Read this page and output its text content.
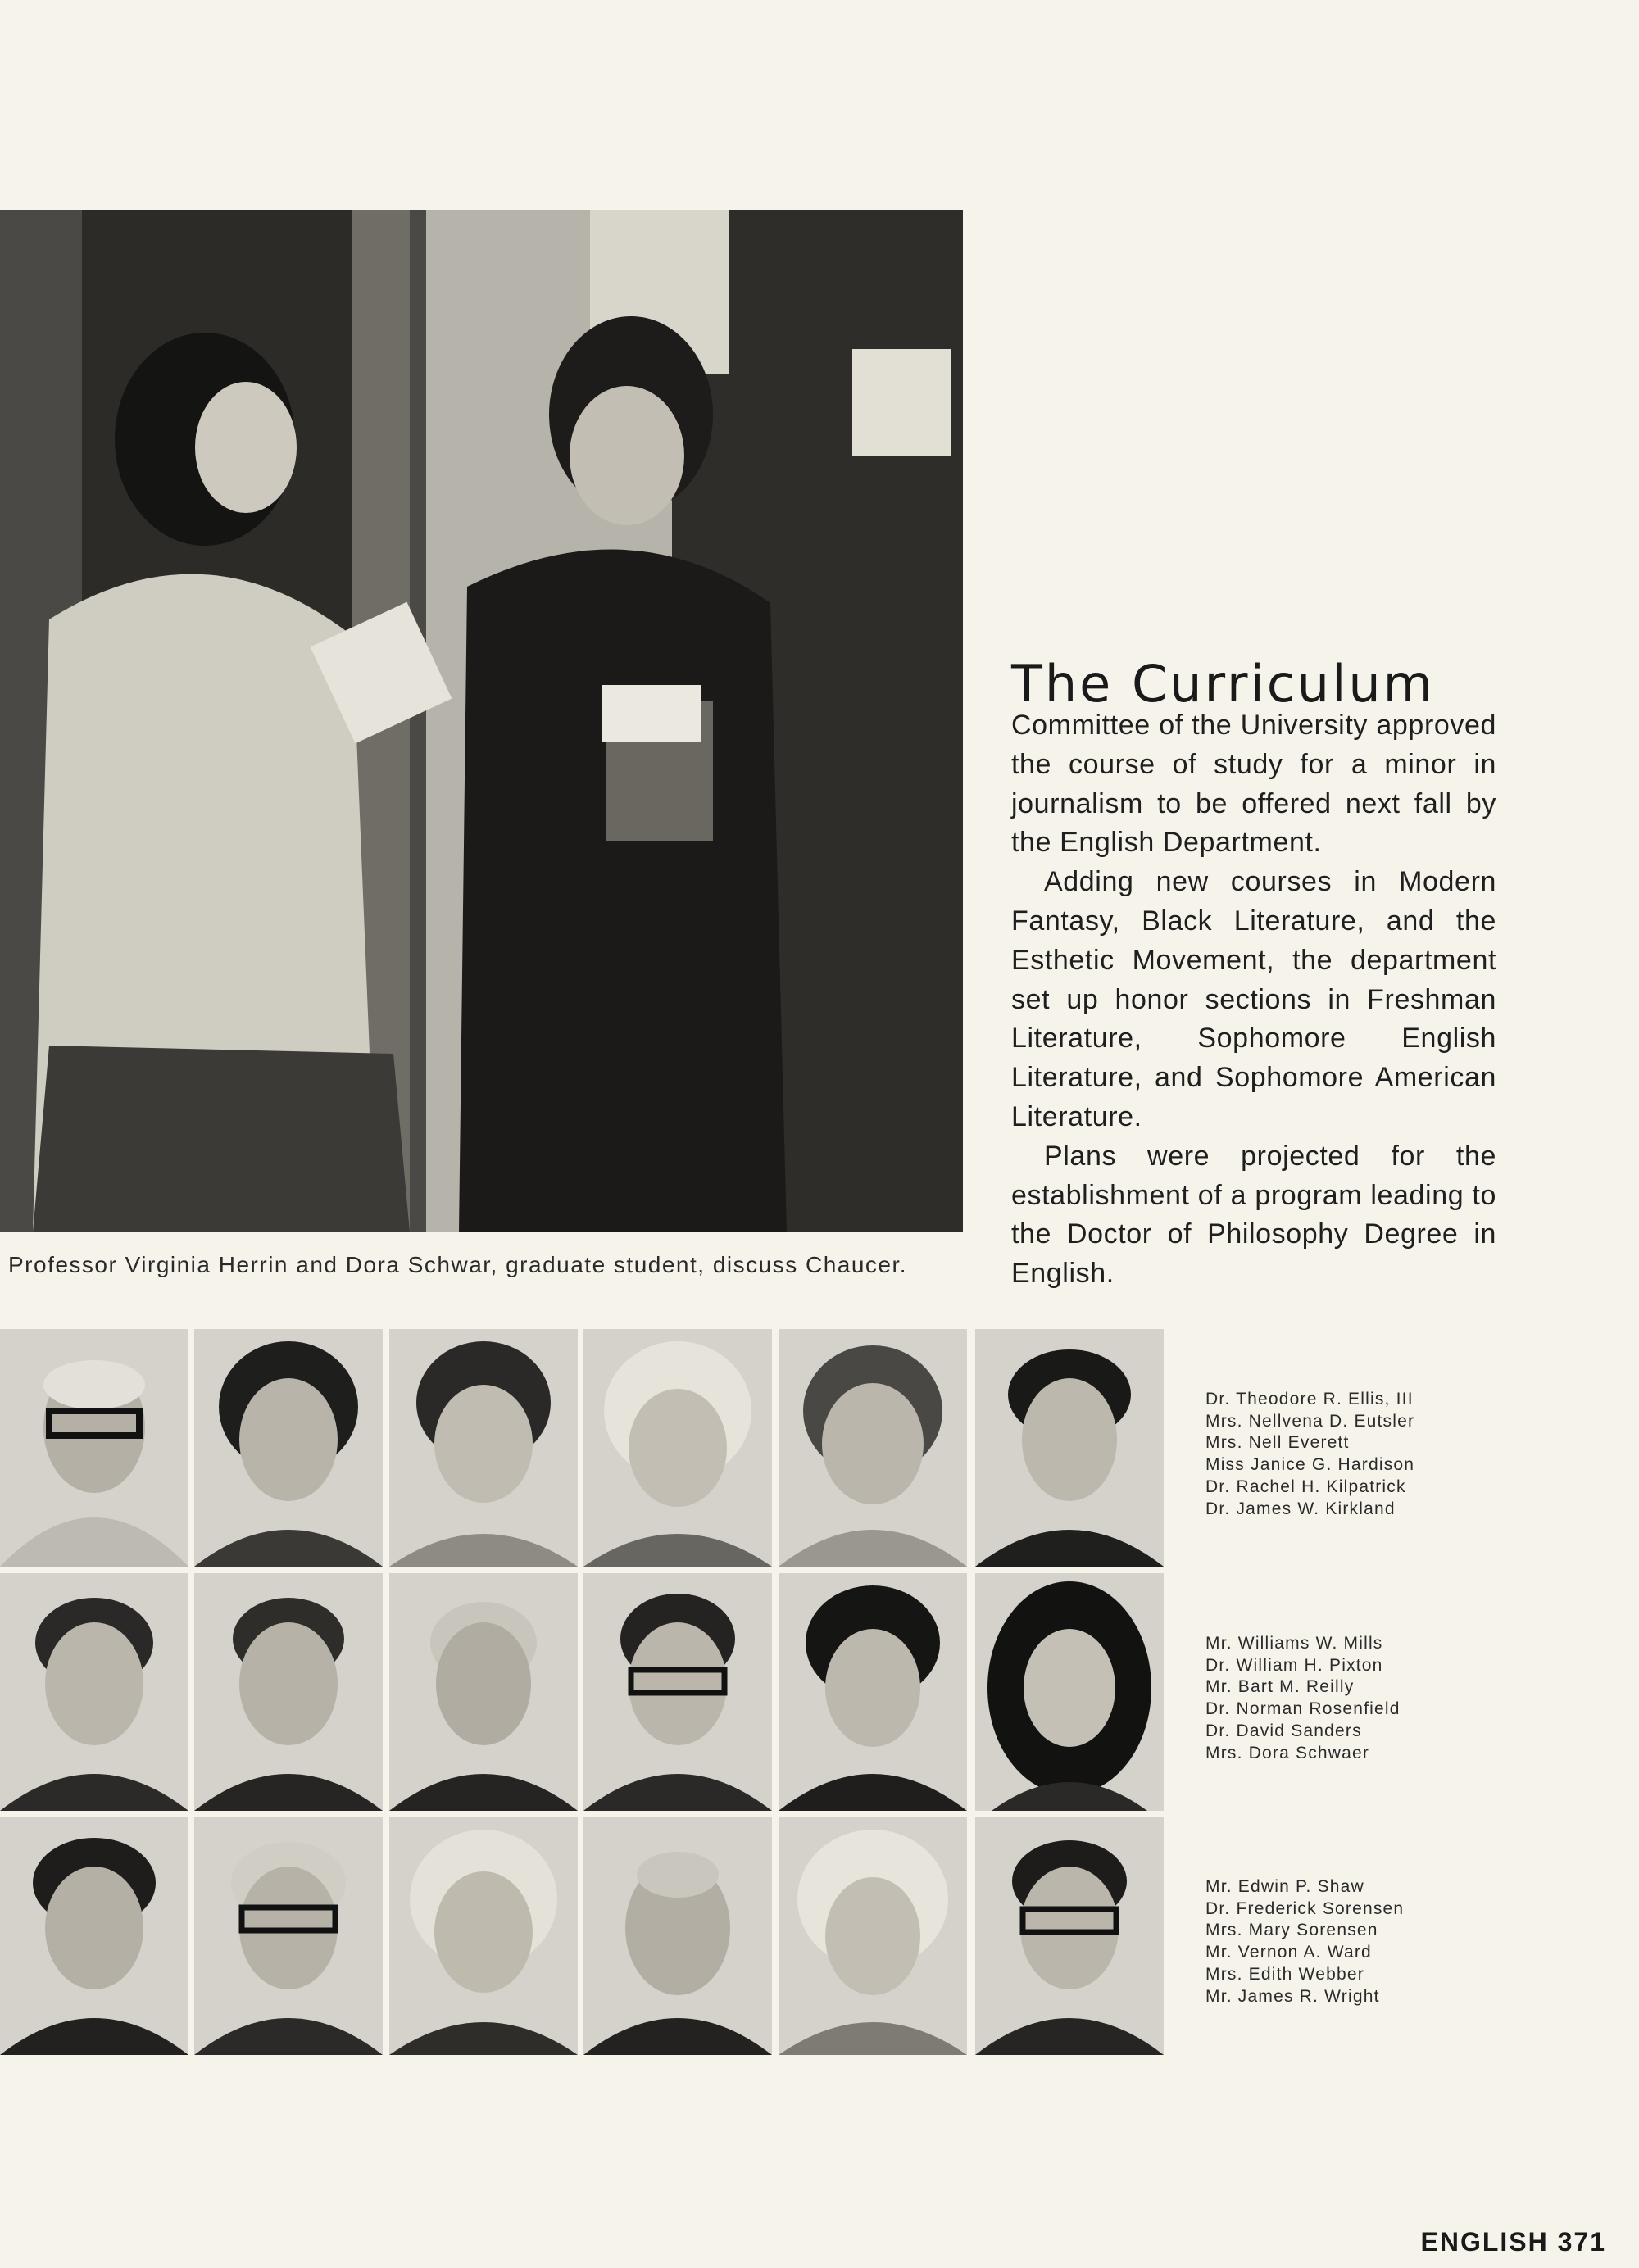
Professor Virginia Herrin and Dora Schwar, graduate student, discuss Chaucer.
The Curriculum

Committee of the University approved the course of study for a minor in journalism to be offered next fall by the English Department.

Adding new courses in Modern Fantasy, Black Literature, and the Esthetic Movement, the department set up honor sections in Freshman Literature, Sophomore English Literature, and Sophomore American Literature.

Plans were projected for the establishment of a program leading to the Doctor of Philosophy Degree in English.

Dr. Theodore R. Ellis, III
Mrs. Nellvena D. Eutsler
Mrs. Nell Everett
Miss Janice G. Hardison
Dr. Rachel H. Kilpatrick
Dr. James W. Kirkland
Mr. Williams W. Mills
Dr. William H. Pixton
Mr. Bart M. Reilly
Dr. Norman Rosenfield
Dr. David Sanders
Mrs. Dora Schwaer
Mr. Edwin P. Shaw
Dr. Frederick Sorensen
Mrs. Mary Sorensen
Mr. Vernon A. Ward
Mrs. Edith Webber
Mr. James R. Wright
ENGLISH 371
